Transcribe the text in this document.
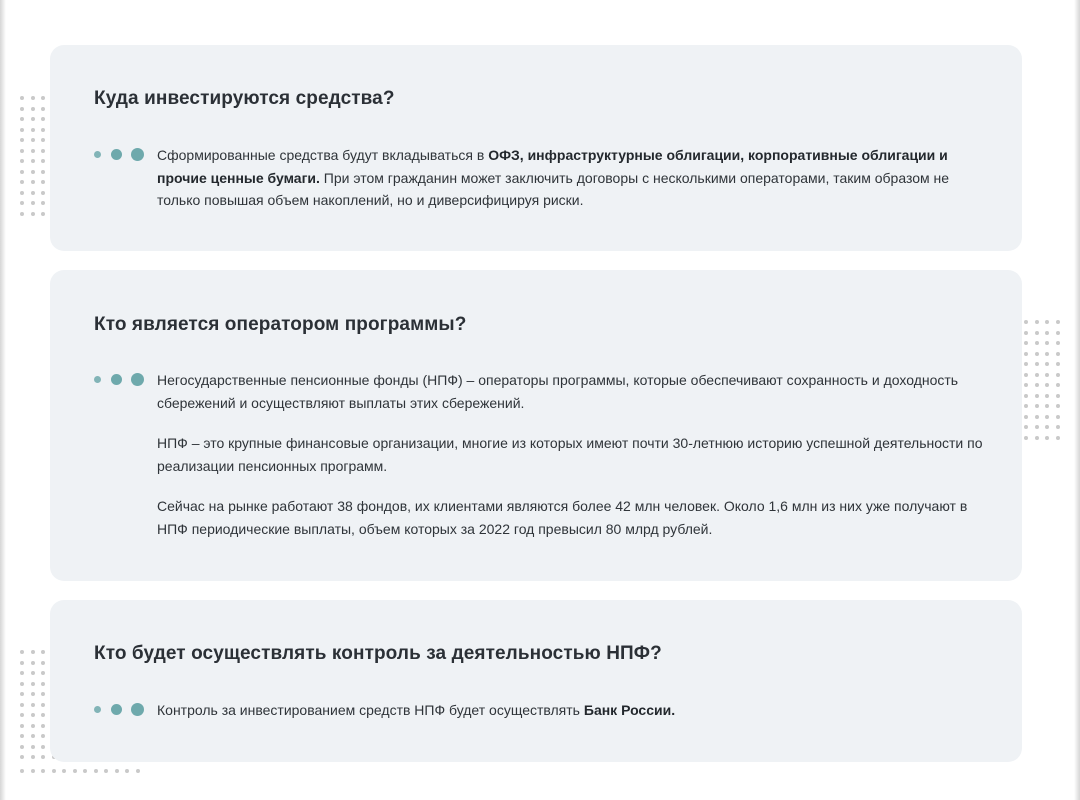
Куда инвестируются средства?

Сформированные средства будут вкладываться в ОФЗ, инфраструктурные облигации, корпоративные облигации и прочие ценные бумаги. При этом гражданин может заключить договоры с несколькими операторами, таким образом не только повышая объем накоплений, но и диверсифицируя риски.

Кто является оператором программы?

Негосударственные пенсионные фонды (НПФ) – операторы программы, которые обеспечивают сохранность и доходность сбережений и осуществляют выплаты этих сбережений.

НПФ – это крупные финансовые организации, многие из которых имеют почти 30-летнюю историю успешной деятельности по реализации пенсионных программ.

Сейчас на рынке работают 38 фондов, их клиентами являются более 42 млн человек. Около 1,6 млн из них уже получают в НПФ периодические выплаты, объем которых за 2022 год превысил 80 млрд рублей.

Кто будет осуществлять контроль за деятельностью НПФ?

Контроль за инвестированием средств НПФ будет осуществлять Банк России.
